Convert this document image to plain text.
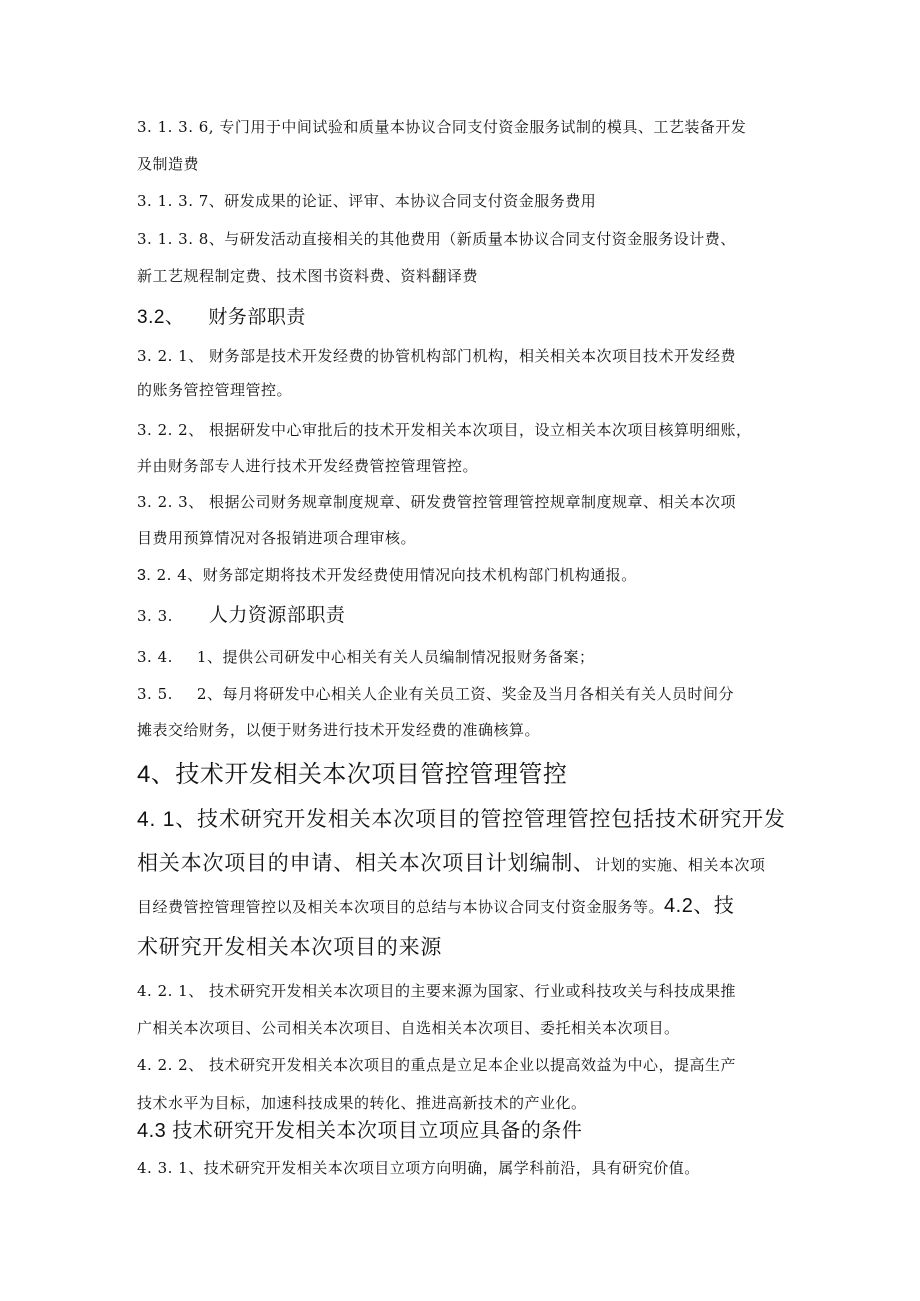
3. 1. 3. 6, 专门用于中间试验和质量本协议合同支付资金服务试制的模具、工艺装备开发
及制造费
3. 1. 3. 7、研发成果的论证、评审、本协议合同支付资金服务费用
3. 1. 3. 8、与研发活动直接相关的其他费用（新质量本协议合同支付资金服务设计费、
新工艺规程制定费、技术图书资料费、资料翻译费
3.2、 财务部职责
3. 2. 1、 财务部是技术开发经费的协管机构部门机构，相关相关本次项目技术开发经费
的账务管控管理管控。
3. 2. 2、 根据研发中心审批后的技术开发相关本次项目，设立相关本次项目核算明细账，
并由财务部专人进行技术开发经费管控管理管控。
3. 2. 3、 根据公司财务规章制度规章、研发费管控管理管控规章制度规章、相关本次项
目费用预算情况对各报销进项合理审核。
3. 2. 4、财务部定期将技术开发经费使用情况向技术机构部门机构通报。
3. 3. 人力资源部职责
3. 4. 1、提供公司研发中心相关有关人员编制情况报财务备案；
3. 5. 2、每月将研发中心相关人企业有关员工资、奖金及当月各相关有关人员时间分
摊表交给财务，以便于财务进行技术开发经费的准确核算。
4、技术开发相关本次项目管控管理管控
4. 1、技术研究开发相关本次项目的管控管理管控包括技术研究开发
相关本次项目的申请、相关本次项目计划编制、计划的实施、相关本次项
目经费管控管理管控以及相关本次项目的总结与本协议合同支付资金服务等。4.2、技
术研究开发相关本次项目的来源
4. 2. 1、 技术研究开发相关本次项目的主要来源为国家、行业或科技攻关与科技成果推
广相关本次项目、公司相关本次项目、自选相关本次项目、委托相关本次项目。
4. 2. 2、 技术研究开发相关本次项目的重点是立足本企业以提高效益为中心，提高生产
技术水平为目标，加速科技成果的转化、推进高新技术的产业化。
4.3 技术研究开发相关本次项目立项应具备的条件
4. 3. 1、技术研究开发相关本次项目立项方向明确，属学科前沿，具有研究价值。
